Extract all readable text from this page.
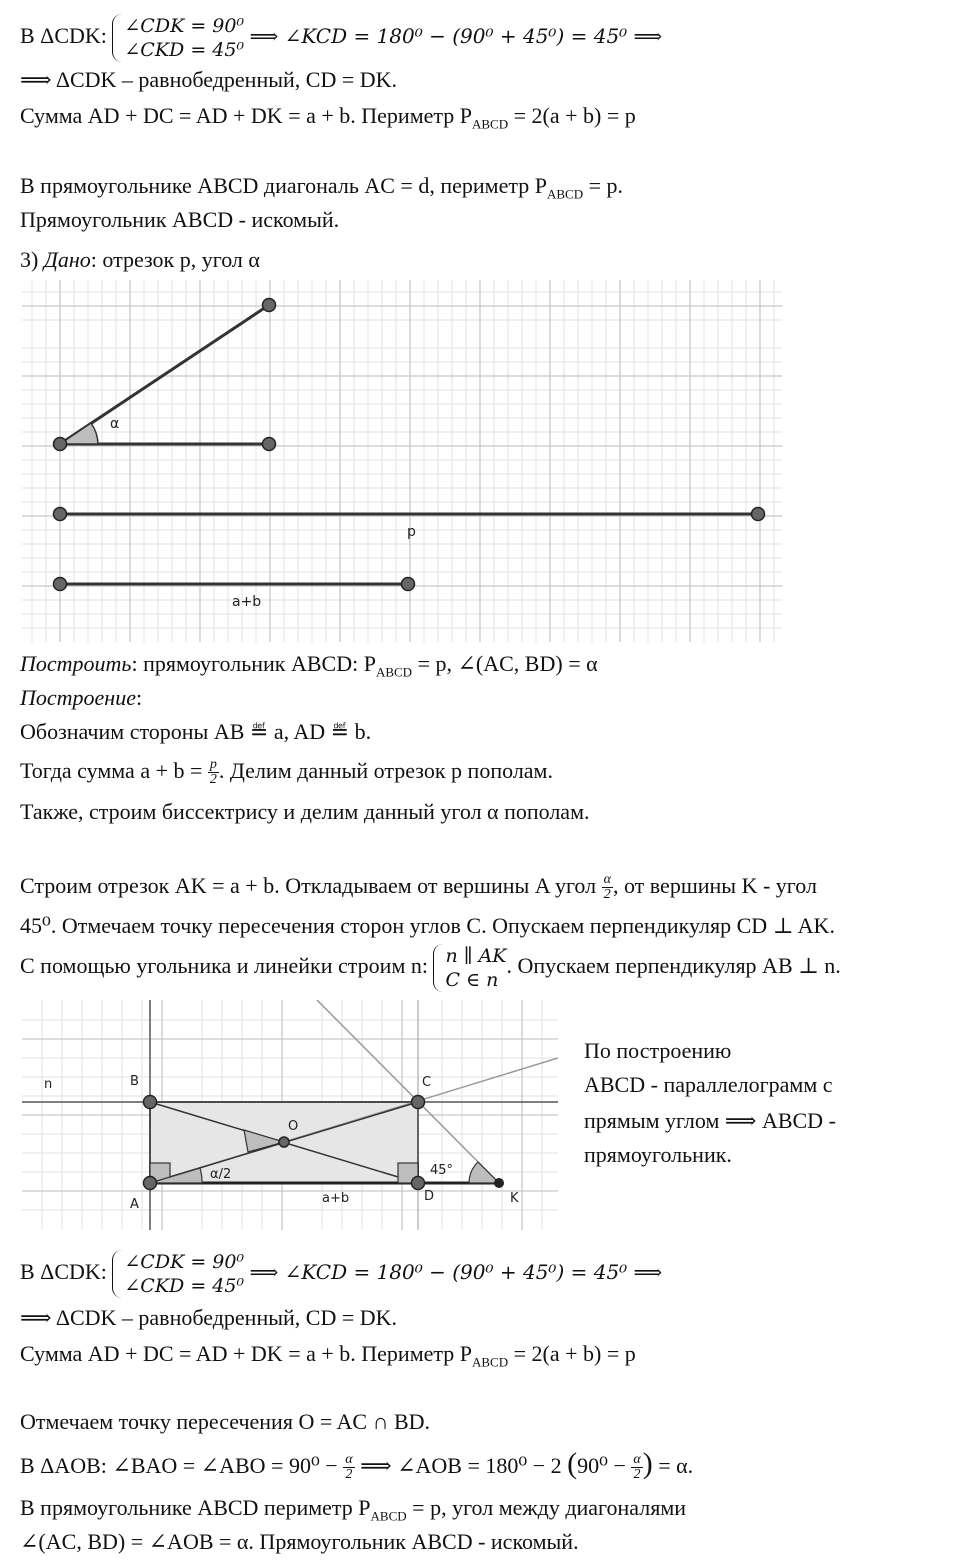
В ΔCDK: ∠CDK = 90⁰
∠CKD = 45⁰
⟹ ∠KCD = 180⁰ − (90⁰ + 45⁰) = 45⁰ ⟹
⟹ ΔCDK – равнобедренный, CD = DK.
Сумма AD + DC = AD + DK = a + b. Периметр $P_{ABCD} = 2(a + b) = p$
В прямоугольнике ABCD диагональ AC = d, периметр $P_{ABCD} = p$.
Прямоугольник ABCD - искомый.
3) Дано: отрезок p, угол α
α
p
a+b
Построить: прямоугольник ABCD: $P_{ABCD} = p$, ∠(AC, BD) = α
Построение:
Обозначим стороны AB ≝ a, AD ≝ b.
Тогда сумма $a + b = \frac{p}{2}$ . Делим данный отрезок p пополам.
Также, строим биссектрису и делим данный угол α пополам.
Строим отрезок AK = a + b. Откладываем от вершины A угол $\frac{\alpha}{2}$ , от вершины K - угол
45⁰. Отмечаем точку пересечения сторон углов C. Опускаем перпендикуляр CD ⊥ AK.
С помощью угольника и линейки строим n: n ∥ AK
C ∈ n
. Опускаем перпендикуляр AB ⊥ n.
n	B	C
O
A
D	K
α/2	45°
a+b
По построению
ABCD - параллелограмм с
прямым углом ⟹ ABCD -
прямоугольник.
В ΔCDK: ∠CDK = 90⁰
∠CKD = 45⁰
⟹ ∠KCD = 180⁰ − (90⁰ + 45⁰) = 45⁰ ⟹
⟹ ΔCDK – равнобедренный, CD = DK.
Сумма AD + DC = AD + DK = a + b. Периметр $P_{ABCD} = 2(a + b) = p$
Отмечаем точку пересечения O = AC ∩ BD.
В ΔAOB: ∠BAO = ∠ABO = $90^0 - \frac{\alpha}{2}$ ⟹ ∠AOB = 180⁰ − 2 ($90^0 - \frac{\alpha}{2}$ ) = α.
В прямоугольнике ABCD периметр $P_{ABCD} = p$, угол между диагоналями
∠(AC, BD) = ∠AOB = α. Прямоугольник ABCD - искомый.
